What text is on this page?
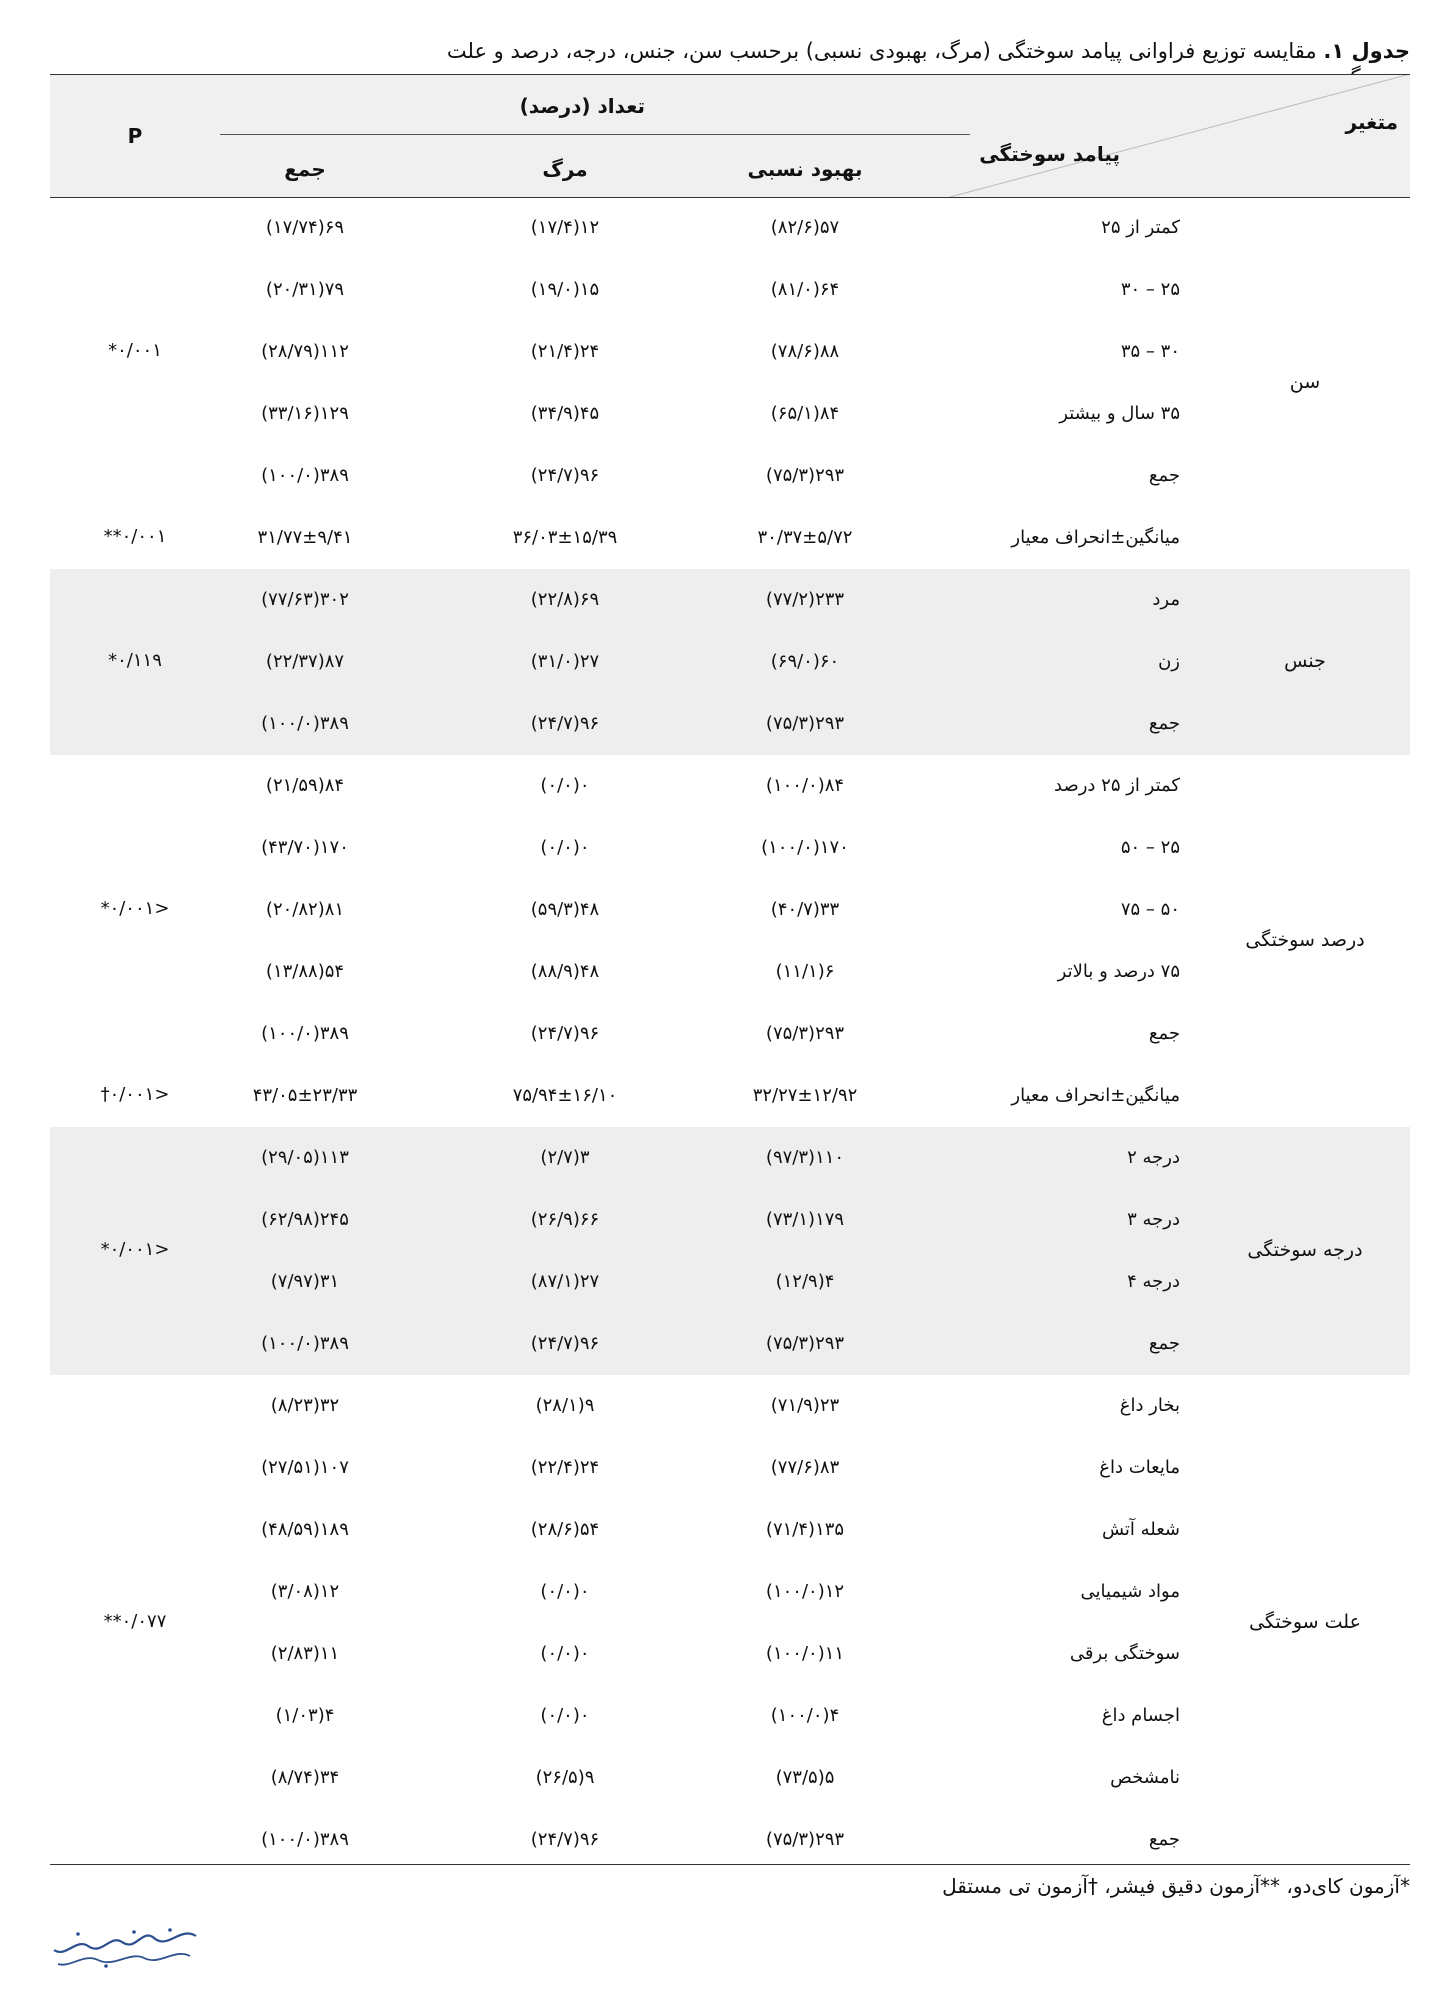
جدول ۱. مقایسه توزیع فراوانی پیامد سوختگی (مرگ، بهبودی نسبی) برحسب سن، جنس، درجه، درصد و علت
متغیر
پیامد سوختگی
تعداد (درصد)
بهبود نسبی
مرگ
جمع
P
کمتر از ۲۵
۵۷(۸۲/۶)
۱۲(۱۷/۴)
۶۹(۱۷/۷۴)
۲۵ – ۳۰
۶۴(۸۱/۰)
۱۵(۱۹/۰)
۷۹(۲۰/۳۱)
۳۰ – ۳۵
۸۸(۷۸/۶)
۲۴(۲۱/۴)
۱۱۲(۲۸/۷۹)
۳۵ سال و بیشتر
۸۴(۶۵/۱)
۴۵(۳۴/۹)
۱۲۹(۳۳/۱۶)
جمع
۲۹۳(۷۵/۳)
۹۶(۲۴/۷)
۳۸۹(۱۰۰/۰)
میانگین±انحراف معیار
۳۰/۳۷±۵/۷۲
۳۶/۰۳±۱۵/۳۹
۳۱/۷۷±۹/۴۱
سن
۰/۰۰۱*
۰/۰۰۱**
مرد
۲۳۳(۷۷/۲)
۶۹(۲۲/۸)
۳۰۲(۷۷/۶۳)
زن
۶۰(۶۹/۰)
۲۷(۳۱/۰)
۸۷(۲۲/۳۷)
جمع
۲۹۳(۷۵/۳)
۹۶(۲۴/۷)
۳۸۹(۱۰۰/۰)
جنس
۰/۱۱۹*
کمتر از ۲۵ درصد
۸۴(۱۰۰/۰)
۰(۰/۰)
۸۴(۲۱/۵۹)
۲۵ – ۵۰
۱۷۰(۱۰۰/۰)
۰(۰/۰)
۱۷۰(۴۳/۷۰)
۵۰ – ۷۵
۳۳(۴۰/۷)
۴۸(۵۹/۳)
۸۱(۲۰/۸۲)
۷۵ درصد و بالاتر
۶(۱۱/۱)
۴۸(۸۸/۹)
۵۴(۱۳/۸۸)
جمع
۲۹۳(۷۵/۳)
۹۶(۲۴/۷)
۳۸۹(۱۰۰/۰)
میانگین±انحراف معیار
۳۲/۲۷±۱۲/۹۲
۷۵/۹۴±۱۶/۱۰
۴۳/۰۵±۲۳/۳۳
درصد سوختگی
<۰/۰۰۱*
<۰/۰۰۱†
درجه ۲
۱۱۰(۹۷/۳)
۳(۲/۷)
۱۱۳(۲۹/۰۵)
درجه ۳
۱۷۹(۷۳/۱)
۶۶(۲۶/۹)
۲۴۵(۶۲/۹۸)
درجه ۴
۴(۱۲/۹)
۲۷(۸۷/۱)
۳۱(۷/۹۷)
جمع
۲۹۳(۷۵/۳)
۹۶(۲۴/۷)
۳۸۹(۱۰۰/۰)
درجه سوختگی
<۰/۰۰۱*
بخار داغ
۲۳(۷۱/۹)
۹(۲۸/۱)
۳۲(۸/۲۳)
مایعات داغ
۸۳(۷۷/۶)
۲۴(۲۲/۴)
۱۰۷(۲۷/۵۱)
شعله آتش
۱۳۵(۷۱/۴)
۵۴(۲۸/۶)
۱۸۹(۴۸/۵۹)
مواد شیمیایی
۱۲(۱۰۰/۰)
۰(۰/۰)
۱۲(۳/۰۸)
سوختگی برقی
۱۱(۱۰۰/۰)
۰(۰/۰)
۱۱(۲/۸۳)
اجسام داغ
۴(۱۰۰/۰)
۰(۰/۰)
۴(۱/۰۳)
نامشخص
۵(۷۳/۵)
۹(۲۶/۵)
۳۴(۸/۷۴)
جمع
۲۹۳(۷۵/۳)
۹۶(۲۴/۷)
۳۸۹(۱۰۰/۰)
علت سوختگی
۰/۰۷۷**
*آزمون کای‌دو، **آزمون دقیق فیشر، †آزمون تی مستقل
